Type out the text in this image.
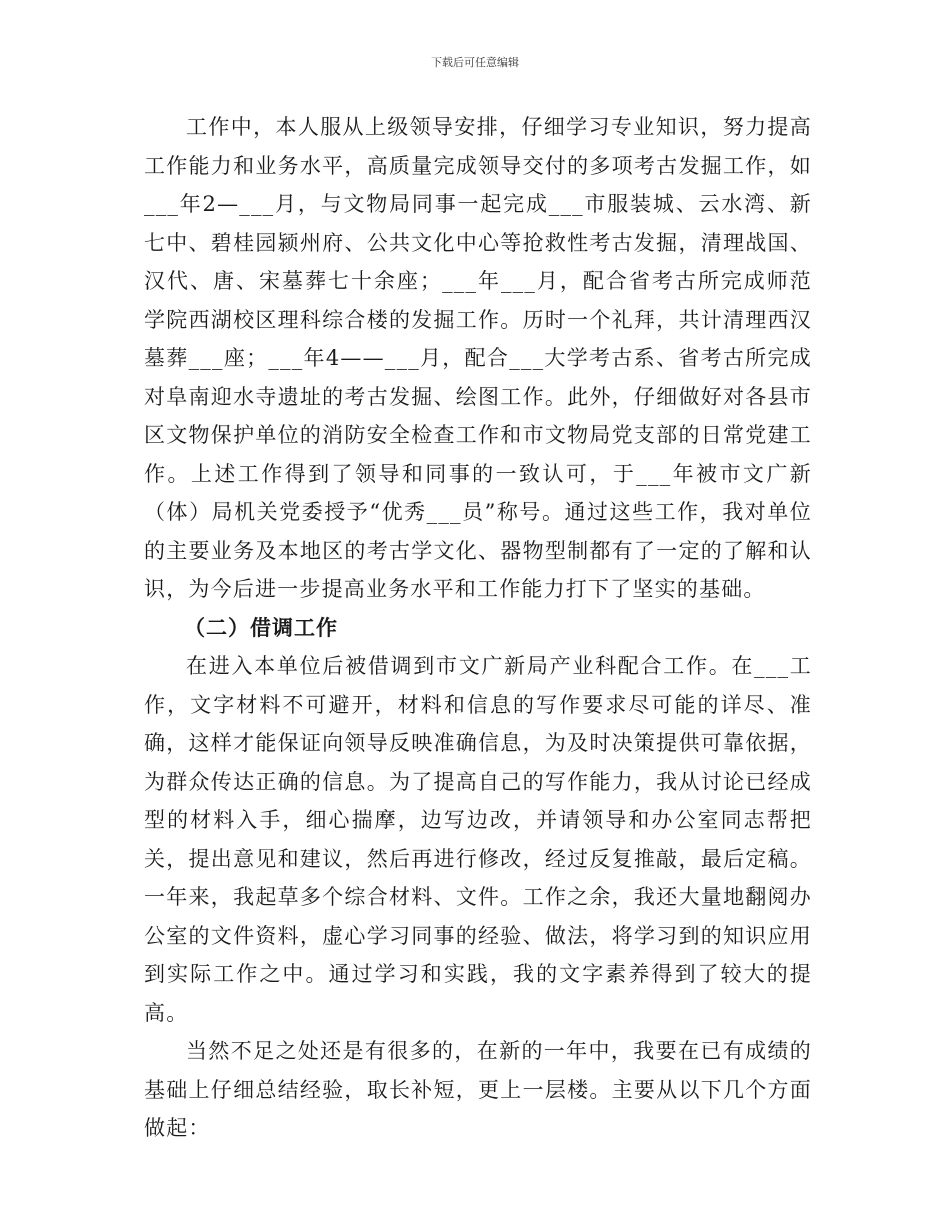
下载后可任意编辑

工作中，本人服从上级领导安排，仔细学习专业知识，努力提高工作能力和业务水平，高质量完成领导交付的多项考古发掘工作，如___年2—___月，与文物局同事一起完成___市服装城、云水湾、新七中、碧桂园颍州府、公共文化中心等抢救性考古发掘，清理战国、汉代、唐、宋墓葬七十余座；___年___月，配合省考古所完成师范学院西湖校区理科综合楼的发掘工作。历时一个礼拜，共计清理西汉墓葬___座；___年4——___月，配合___大学考古系、省考古所完成对阜南迎水寺遗址的考古发掘、绘图工作。此外，仔细做好对各县市区文物保护单位的消防安全检查工作和市文物局党支部的日常党建工作。上述工作得到了领导和同事的一致认可，于___年被市文广新（体）局机关党委授予“优秀___员”称号。通过这些工作，我对单位的主要业务及本地区的考古学文化、器物型制都有了一定的了解和认识，为今后进一步提高业务水平和工作能力打下了坚实的基础。

（二）借调工作

在进入本单位后被借调到市文广新局产业科配合工作。在___工作，文字材料不可避开，材料和信息的写作要求尽可能的详尽、准确，这样才能保证向领导反映准确信息，为及时决策提供可靠依据，为群众传达正确的信息。为了提高自己的写作能力，我从讨论已经成型的材料入手，细心揣摩，边写边改，并请领导和办公室同志帮把关，提出意见和建议，然后再进行修改，经过反复推敲，最后定稿。一年来，我起草多个综合材料、文件。工作之余，我还大量地翻阅办公室的文件资料，虚心学习同事的经验、做法，将学习到的知识应用到实际工作之中。通过学习和实践，我的文字素养得到了较大的提高。

当然不足之处还是有很多的，在新的一年中，我要在已有成绩的基础上仔细总结经验，取长补短，更上一层楼。主要从以下几个方面做起：
